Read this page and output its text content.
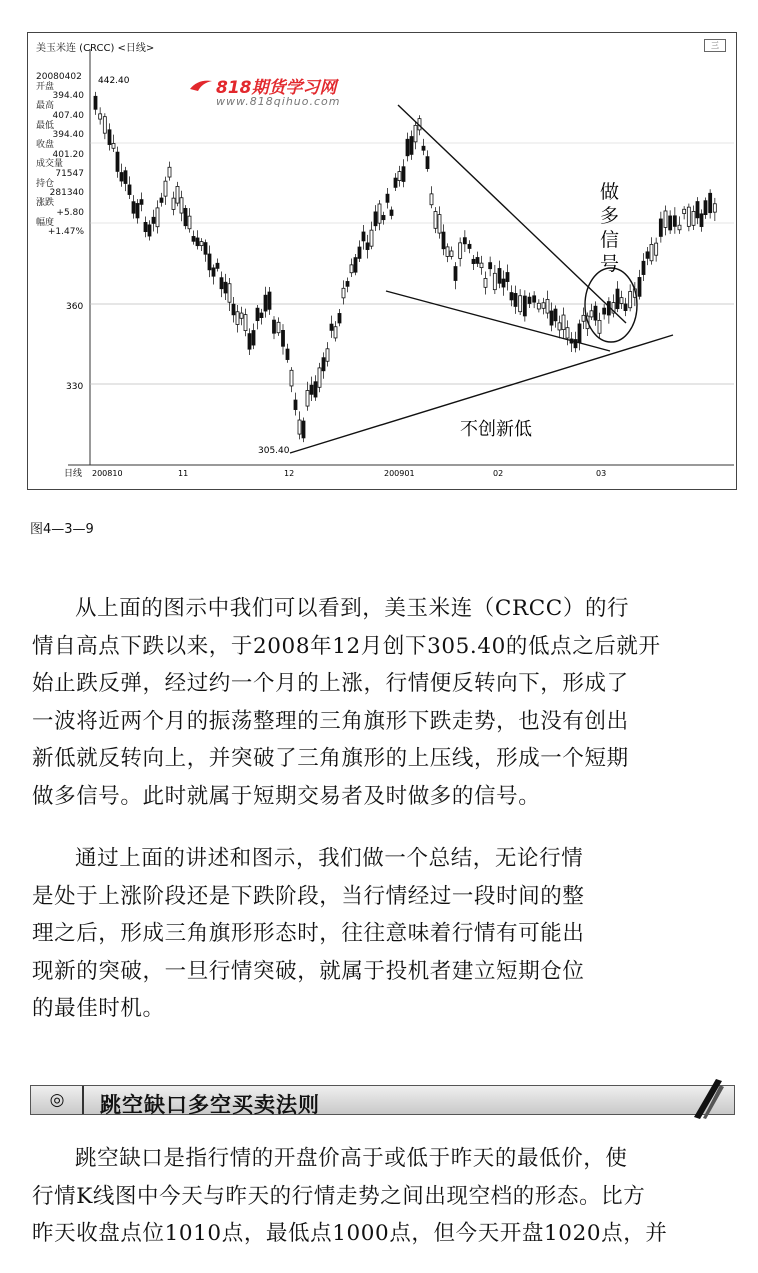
美玉米连 (CRCC) <日线>	三
818期货学习网
www.818qihuo.com
20080402
开盘
394.40
最高
407.40
最低
394.40
收盘
401.20
成交量
71547
持仓
281340
涨跌
+5.80
幅度
+1.47%
360
330
日线 200810	11	12	200901	02	03
442.40
305.40
做
多
信
号
不创新低
图4—3—9
从上面的图示中我们可以看到，美玉米连（CRCC）的行
情自高点下跌以来，于2008年12月创下305.40的低点之后就开
始止跌反弹，经过约一个月的上涨，行情便反转向下，形成了
一波将近两个月的振荡整理的三角旗形下跌走势，也没有创出
新低就反转向上，并突破了三角旗形的上压线，形成一个短期
做多信号。此时就属于短期交易者及时做多的信号。
通过上面的讲述和图示，我们做一个总结，无论行情
是处于上涨阶段还是下跌阶段，当行情经过一段时间的整
理之后，形成三角旗形形态时，往往意味着行情有可能出
现新的突破，一旦行情突破，就属于投机者建立短期仓位
的最佳时机。
◎	跳空缺口多空买卖法则
跳空缺口是指行情的开盘价高于或低于昨天的最低价，使
行情K线图中今天与昨天的行情走势之间出现空档的形态。比方
昨天收盘点位1010点，最低点1000点，但今天开盘1020点，并
